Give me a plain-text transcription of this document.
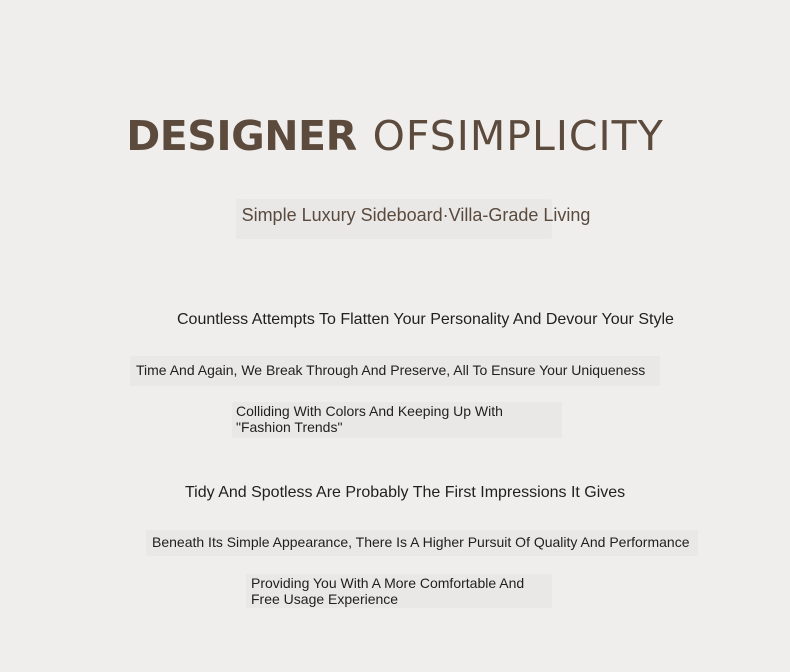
DESIGNER OFSIMPLICITY
Simple Luxury Sideboard·Villa-Grade Living
Countless Attempts To Flatten Your Personality And Devour Your Style
Time And Again, We Break Through And Preserve, All To Ensure Your Uniqueness
Colliding With Colors And Keeping Up With "Fashion Trends"
Tidy And Spotless Are Probably The First Impressions It Gives
Beneath Its Simple Appearance, There Is A Higher Pursuit Of Quality And Performance
Providing You With A More Comfortable And Free Usage Experience
